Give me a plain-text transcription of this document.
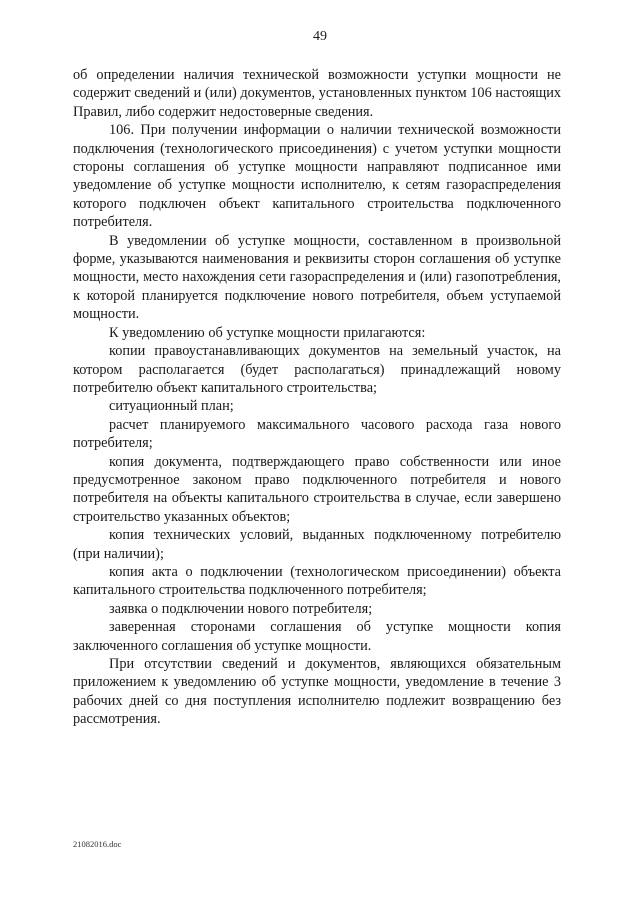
49

об определении наличия технической возможности уступки мощности не содержит сведений и (или) документов, установленных пунктом 106 настоящих Правил, либо содержит недостоверные сведения.

106. При получении информации о наличии технической возможности подключения (технологического присоединения) с учетом уступки мощности стороны соглашения об уступке мощности направляют подписанное ими уведомление об уступке мощности исполнителю, к сетям газораспределения которого подключен объект капитального строительства подключенного потребителя.

В уведомлении об уступке мощности, составленном в произвольной форме, указываются наименования и реквизиты сторон соглашения об уступке мощности, место нахождения сети газораспределения и (или) газопотребления, к которой планируется подключение нового потребителя, объем уступаемой мощности.

К уведомлению об уступке мощности прилагаются:

копии правоустанавливающих документов на земельный участок, на котором располагается (будет располагаться) принадлежащий новому потребителю объект капитального строительства;

ситуационный план;

расчет планируемого максимального часового расхода газа нового потребителя;

копия документа, подтверждающего право собственности или иное предусмотренное законом право подключенного потребителя и нового потребителя на объекты капитального строительства в случае, если завершено строительство указанных объектов;

копия технических условий, выданных подключенному потребителю (при наличии);

копия акта о подключении (технологическом присоединении) объекта капитального строительства подключенного потребителя;

заявка о подключении нового потребителя;

заверенная сторонами соглашения об уступке мощности копия заключенного соглашения об уступке мощности.

При отсутствии сведений и документов, являющихся обязательным приложением к уведомлению об уступке мощности, уведомление в течение 3 рабочих дней со дня поступления исполнителю подлежит возвращению без рассмотрения.

21082016.doc
